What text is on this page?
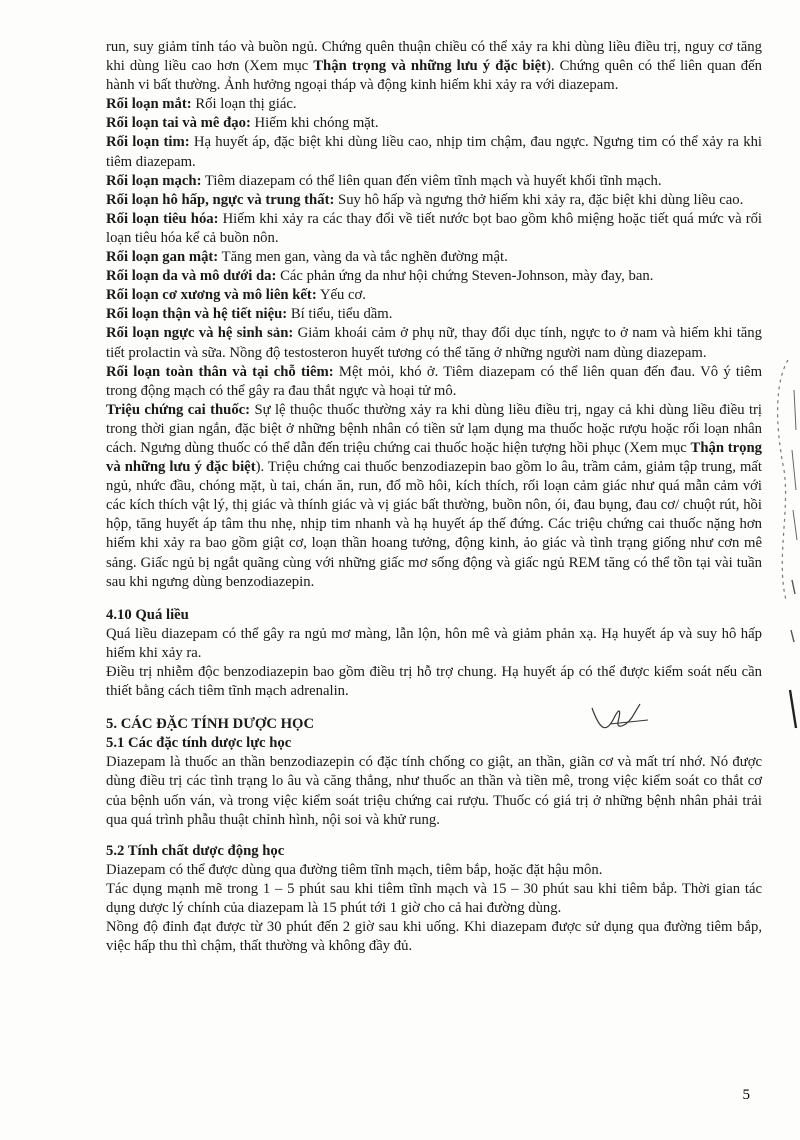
run, suy giảm tỉnh táo và buồn ngủ. Chứng quên thuận chiều có thể xảy ra khi dùng liều điều trị, nguy cơ tăng khi dùng liều cao hơn (Xem mục Thận trọng và những lưu ý đặc biệt). Chứng quên có thể liên quan đến hành vi bất thường. Ảnh hưởng ngoại tháp và động kinh hiếm khi xảy ra với diazepam.

Rối loạn mắt: Rối loạn thị giác.

Rối loạn tai và mê đạo: Hiếm khi chóng mặt.

Rối loạn tim: Hạ huyết áp, đặc biệt khi dùng liều cao, nhịp tim chậm, đau ngực. Ngưng tim có thể xảy ra khi tiêm diazepam.

Rối loạn mạch: Tiêm diazepam có thể liên quan đến viêm tĩnh mạch và huyết khối tĩnh mạch.

Rối loạn hô hấp, ngực và trung thất: Suy hô hấp và ngưng thở hiếm khi xảy ra, đặc biệt khi dùng liều cao.

Rối loạn tiêu hóa: Hiếm khi xảy ra các thay đổi về tiết nước bọt bao gồm khô miệng hoặc tiết quá mức và rối loạn tiêu hóa kể cả buồn nôn.

Rối loạn gan mật: Tăng men gan, vàng da và tắc nghẽn đường mật.

Rối loạn da và mô dưới da: Các phản ứng da như hội chứng Steven-Johnson, mày đay, ban.

Rối loạn cơ xương và mô liên kết: Yếu cơ.

Rối loạn thận và hệ tiết niệu: Bí tiểu, tiểu dầm.

Rối loạn ngực và hệ sinh sản: Giảm khoái cảm ở phụ nữ, thay đổi dục tính, ngực to ở nam và hiếm khi tăng tiết prolactin và sữa. Nồng độ testosteron huyết tương có thể tăng ở những người nam dùng diazepam.

Rối loạn toàn thân và tại chỗ tiêm: Mệt mỏi, khó ở. Tiêm diazepam có thể liên quan đến đau. Vô ý tiêm trong động mạch có thể gây ra đau thắt ngực và hoại tử mô.

Triệu chứng cai thuốc: Sự lệ thuộc thuốc thường xảy ra khi dùng liều điều trị, ngay cả khi dùng liều điều trị trong thời gian ngắn, đặc biệt ở những bệnh nhân có tiền sử lạm dụng ma thuốc hoặc rượu hoặc rối loạn nhân cách. Ngưng dùng thuốc có thể dẫn đến triệu chứng cai thuốc hoặc hiện tượng hồi phục (Xem mục Thận trọng và những lưu ý đặc biệt). Triệu chứng cai thuốc benzodiazepin bao gồm lo âu, trầm cảm, giảm tập trung, mất ngủ, nhức đầu, chóng mặt, ù tai, chán ăn, run, đổ mồ hôi, kích thích, rối loạn cảm giác như quá mẫn cảm với các kích thích vật lý, thị giác và thính giác và vị giác bất thường, buồn nôn, ói, đau bụng, đau cơ/ chuột rút, hồi hộp, tăng huyết áp tâm thu nhẹ, nhịp tim nhanh và hạ huyết áp thế đứng. Các triệu chứng cai thuốc nặng hơn hiếm khi xảy ra bao gồm giật cơ, loạn thần hoang tưởng, động kinh, ảo giác và tình trạng giống như cơn mê sảng. Giấc ngủ bị ngắt quãng cùng với những giấc mơ sống động và giấc ngủ REM tăng có thể tồn tại vài tuần sau khi ngưng dùng benzodiazepin.

4.10 Quá liều

Quá liều diazepam có thể gây ra ngủ mơ màng, lẫn lộn, hôn mê và giảm phản xạ. Hạ huyết áp và suy hô hấp hiếm khi xảy ra.

Điều trị nhiễm độc benzodiazepin bao gồm điều trị hỗ trợ chung. Hạ huyết áp có thể được kiểm soát nếu cần thiết bằng cách tiêm tĩnh mạch adrenalin.

5. CÁC ĐẶC TÍNH DƯỢC HỌC

5.1 Các đặc tính dược lực học

Diazepam là thuốc an thần benzodiazepin có đặc tính chống co giật, an thần, giãn cơ và mất trí nhớ. Nó được dùng điều trị các tình trạng lo âu và căng thẳng, như thuốc an thần và tiền mê, trong việc kiểm soát co thắt cơ của bệnh uốn ván, và trong việc kiểm soát triệu chứng cai rượu. Thuốc có giá trị ở những bệnh nhân phải trải qua quá trình phẫu thuật chỉnh hình, nội soi và khử rung.

5.2 Tính chất dược động học

Diazepam có thể được dùng qua đường tiêm tĩnh mạch, tiêm bắp, hoặc đặt hậu môn.

Tác dụng mạnh mẽ trong 1 – 5 phút sau khi tiêm tĩnh mạch và 15 – 30 phút sau khi tiêm bắp. Thời gian tác dụng dược lý chính của diazepam là 15 phút tới 1 giờ cho cả hai đường dùng.

Nồng độ đỉnh đạt được từ 30 phút đến 2 giờ sau khi uống. Khi diazepam được sử dụng qua đường tiêm bắp, việc hấp thu thì chậm, thất thường và không đầy đủ.

5
